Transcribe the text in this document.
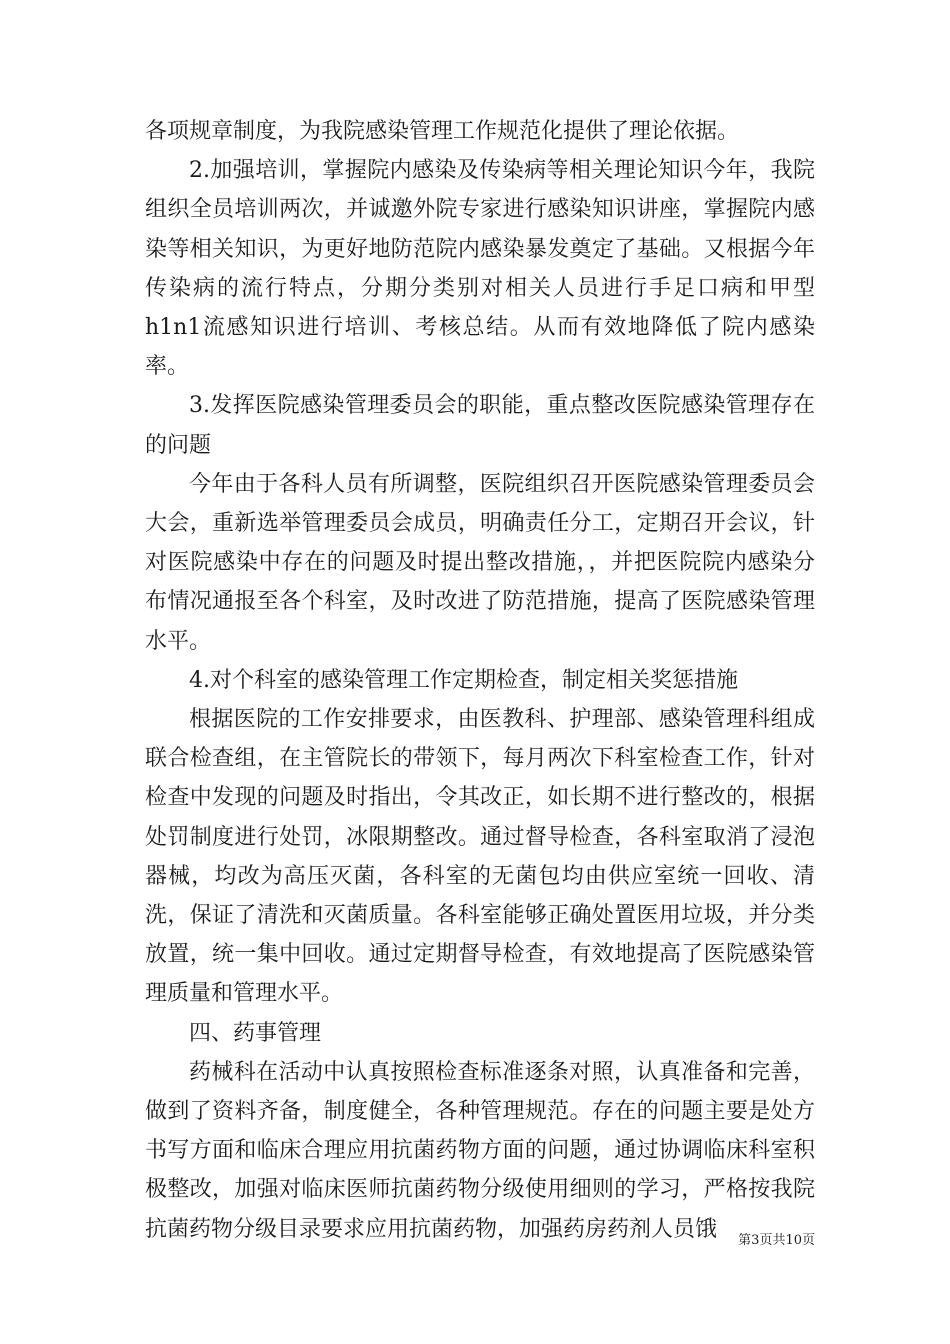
各项规章制度，为我院感染管理工作规范化提供了理论依据。

2.加强培训，掌握院内感染及传染病等相关理论知识今年，我院组织全员培训两次，并诚邀外院专家进行感染知识讲座，掌握院内感染等相关知识，为更好地防范院内感染暴发奠定了基础。又根据今年传染病的流行特点，分期分类别对相关人员进行手足口病和甲型h1n1流感知识进行培训、考核总结。从而有效地降低了院内感染率。

3.发挥医院感染管理委员会的职能，重点整改医院感染管理存在的问题

今年由于各科人员有所调整，医院组织召开医院感染管理委员会大会，重新选举管理委员会成员，明确责任分工，定期召开会议，针对医院感染中存在的问题及时提出整改措施，，并把医院院内感染分布情况通报至各个科室，及时改进了防范措施，提高了医院感染管理水平。

4.对个科室的感染管理工作定期检查，制定相关奖惩措施

根据医院的工作安排要求，由医教科、护理部、感染管理科组成联合检查组，在主管院长的带领下，每月两次下科室检查工作，针对检查中发现的问题及时指出，令其改正，如长期不进行整改的，根据处罚制度进行处罚，冰限期整改。通过督导检查，各科室取消了浸泡器械，均改为高压灭菌，各科室的无菌包均由供应室统一回收、清洗，保证了清洗和灭菌质量。各科室能够正确处置医用垃圾，并分类放置，统一集中回收。通过定期督导检查，有效地提高了医院感染管理质量和管理水平。

四、药事管理

药械科在活动中认真按照检查标准逐条对照，认真准备和完善，做到了资料齐备，制度健全，各种管理规范。存在的问题主要是处方书写方面和临床合理应用抗菌药物方面的问题，通过协调临床科室积极整改，加强对临床医师抗菌药物分级使用细则的学习，严格按我院抗菌药物分级目录要求应用抗菌药物，加强药房药剂人员饿	第3页共10页
